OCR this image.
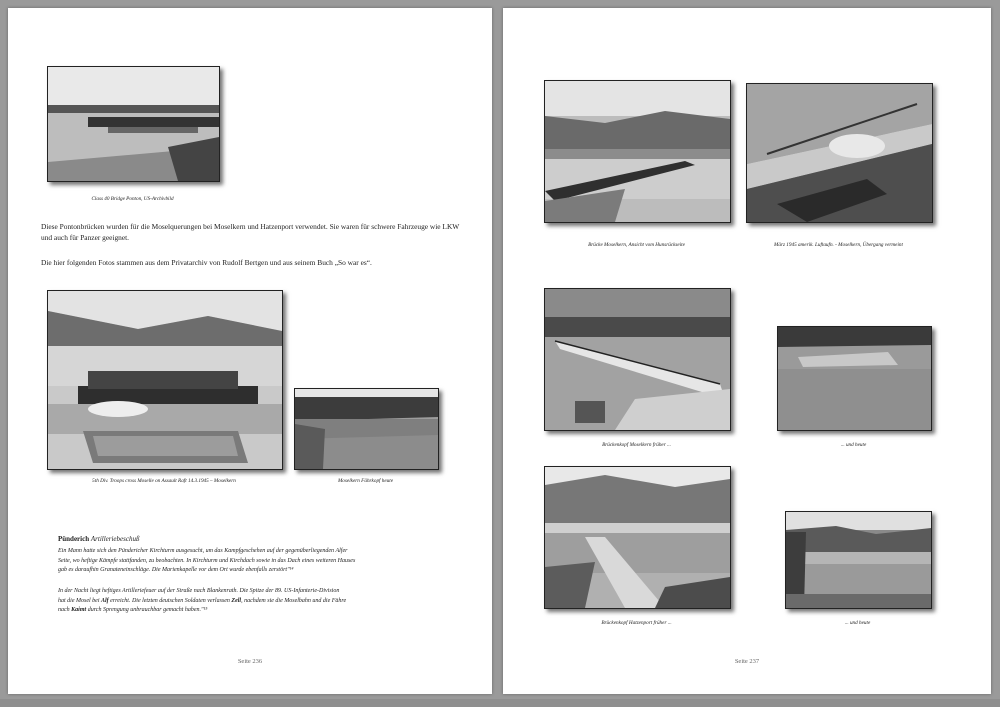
Class 40 Bridge Ponton, US-Archivbild

Diese Pontonbrücken wurden für die Moselquerungen bei Moselkern und Hatzenport verwendet. Sie waren für schwere Fahrzeuge wie LKW und auch für Panzer geeignet.

Die hier folgenden Fotos stammen aus dem Privatarchiv von Rudolf Bertgen und aus seinem Buch „So war es“.

5th Div. Troops cross Moselle on Assault Raft 14.3.1945 – Moselkern	Moselkern Fährkopf heute

Pünderich Artilleriebeschuß

Ein Mann hatte sich den Pündericher Kirchturm ausgesucht, um das Kampfgeschehen auf der gegenüberliegenden Alfer
Seite, wo heftige Kämpfe stattfanden, zu beobachten. In Kirchturm und Kirchdach sowie in das Dach eines weiteren Hauses
gab es daraufhin Granateneinschläge. Die Marienkapelle vor dem Ort wurde ebenfalls zerstört"¹⁴

In der Nacht liegt heftiges Artilleriefeuer auf der Straße nach Blankenrath. Die Spitze der 89. US-Infanterie-Division
hat die Mosel bei Alf erreicht. Die letzten deutschen Soldaten verlassen Zell, nachdem sie die Moselbahn und die Fähre
nach Kaimt durch Sprengung unbrauchbar gemacht haben."¹⁵

Seite 236
Brücke Moselkern, Ansicht vom Hunsrückseite	März 1945 amerik. Luftaufn. - Moselkern, Übergang vermeint
Brückenkopf Moselkern früher ...	... und heute
Brückenkopf Hatzenport früher ...	... und heute
Seite 237
